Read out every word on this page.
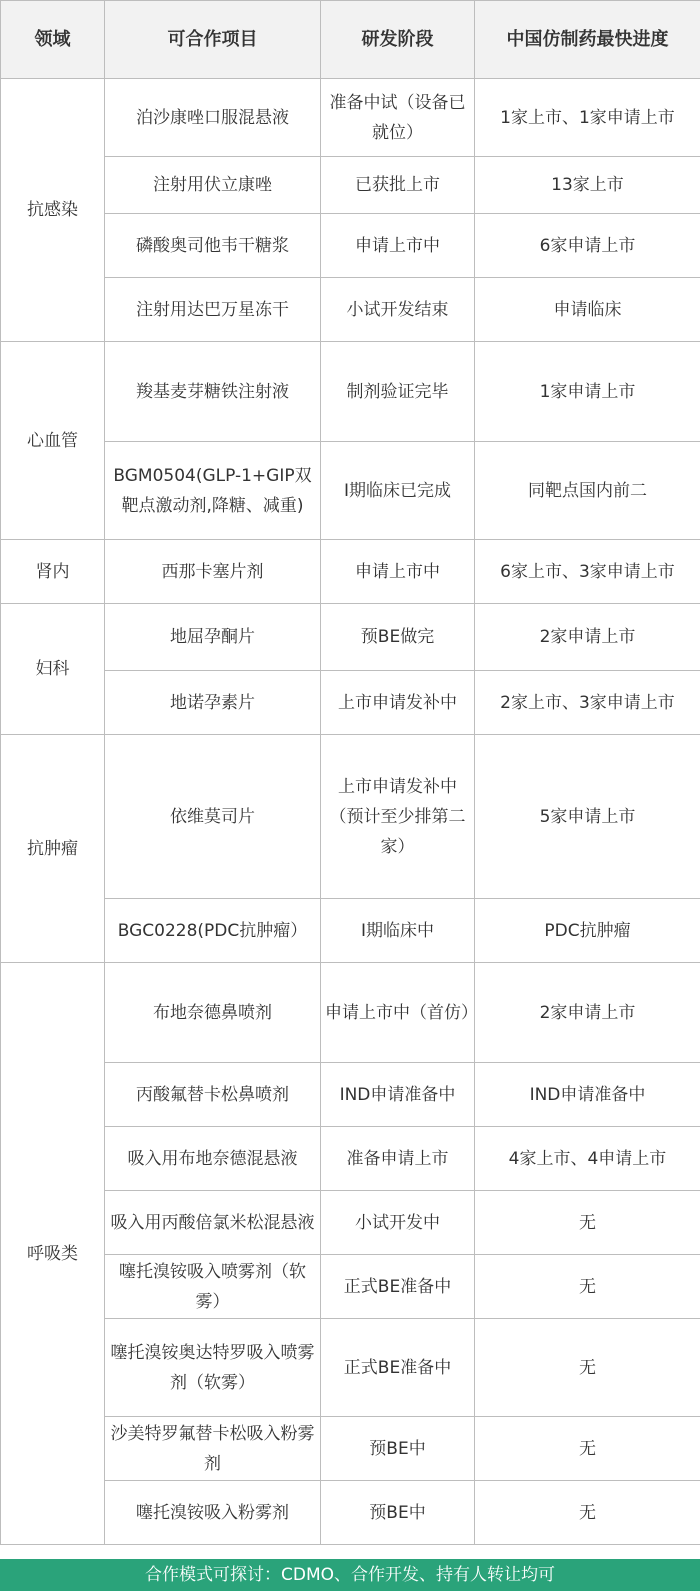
领域	可合作项目	研发阶段	中国仿制药最快进度
抗感染	泊沙康唑口服混悬液	准备中试（设备已就位）	1家上市、1家申请上市
	注射用伏立康唑	已获批上市	13家上市
	磷酸奥司他韦干糖浆	申请上市中	6家申请上市
	注射用达巴万星冻干	小试开发结束	申请临床
心血管	羧基麦芽糖铁注射液	制剂验证完毕	1家申请上市
	BGM0504(GLP-1+GIP双靶点激动剂,降糖、减重)	Ⅰ期临床已完成	同靶点国内前二
肾内	西那卡塞片剂	申请上市中	6家上市、3家申请上市
妇科	地屈孕酮片	预BE做完	2家申请上市
	地诺孕素片	上市申请发补中	2家上市、3家申请上市
抗肿瘤	依维莫司片	上市申请发补中（预计至少排第二家）	5家申请上市
	BGC0228(PDC抗肿瘤）	Ⅰ期临床中	PDC抗肿瘤
呼吸类	布地奈德鼻喷剂	申请上市中（首仿）	2家申请上市
	丙酸氟替卡松鼻喷剂	IND申请准备中	IND申请准备中
	吸入用布地奈德混悬液	准备申请上市	4家上市、4申请上市
	吸入用丙酸倍氯米松混悬液	小试开发中	无
	噻托溴铵吸入喷雾剂（软雾）	正式BE准备中	无
	噻托溴铵奥达特罗吸入喷雾剂（软雾）	正式BE准备中	无
	沙美特罗氟替卡松吸入粉雾剂	预BE中	无
	噻托溴铵吸入粉雾剂	预BE中	无
合作模式可探讨：CDMO、合作开发、持有人转让均可
